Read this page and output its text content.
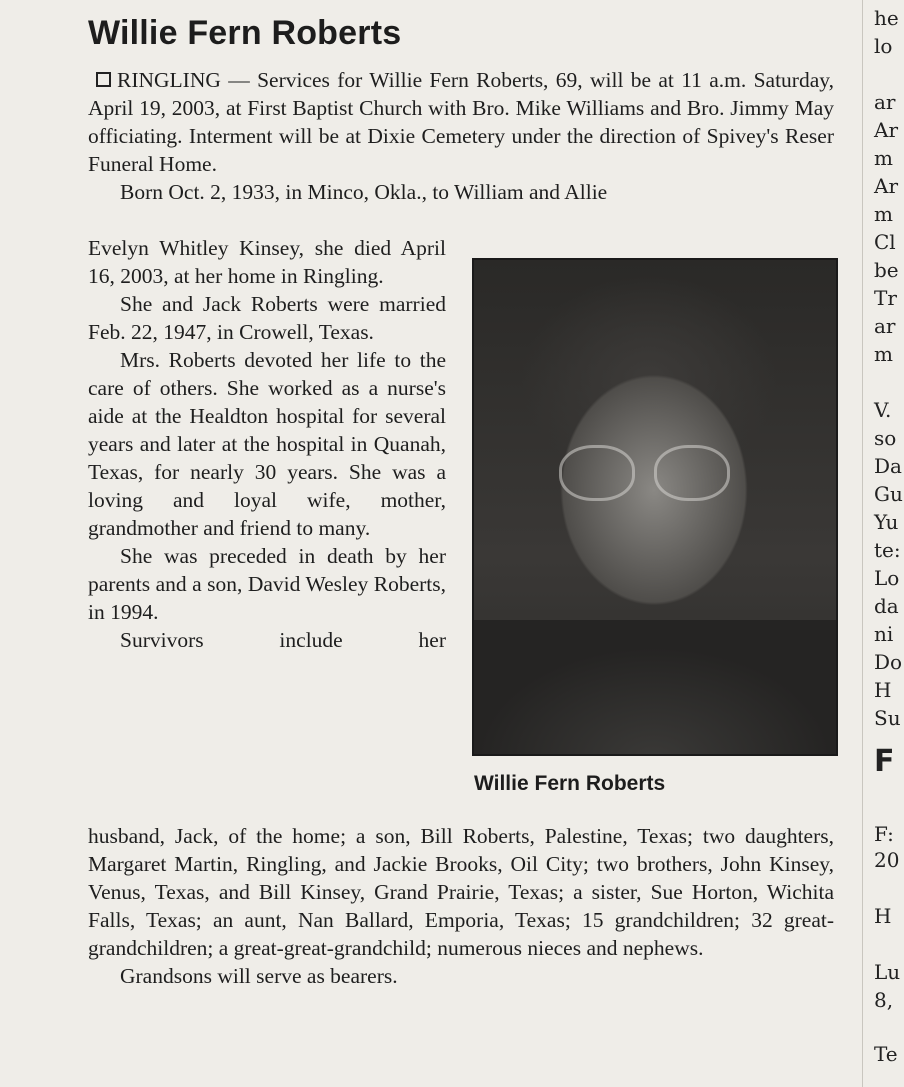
Willie Fern Roberts

RINGLING — Services for Willie Fern Roberts, 69, will be at 11 a.m. Saturday, April 19, 2003, at First Baptist Church with Bro. Mike Williams and Bro. Jimmy May officiating. Interment will be at Dixie Cemetery under the direction of Spivey's Reser Funeral Home.

Born Oct. 2, 1933, in Minco, Okla., to William and Allie

Evelyn Whitley Kinsey, she died April 16, 2003, at her home in Ringling.

She and Jack Roberts were married Feb. 22, 1947, in Crowell, Texas.

Mrs. Roberts devoted her life to the care of others. She worked as a nurse's aide at the Healdton hospital for several years and later at the hospital in Quanah, Texas, for nearly 30 years. She was a loving and loyal wife, mother, grandmother and friend to many.

She was preceded in death by her parents and a son, David Wesley Roberts, in 1994.

Survivors include her

husband, Jack, of the home; a son, Bill Roberts, Palestine, Texas; two daughters, Margaret Martin, Ringling, and Jackie Brooks, Oil City; two brothers, John Kinsey, Venus, Texas, and Bill Kinsey, Grand Prairie, Texas; a sister, Sue Horton, Wichita Falls, Texas; an aunt, Nan Ballard, Emporia, Texas; 15 grandchildren; 32 great-grandchildren; a great-great-grandchild; numerous nieces and nephews.

Grandsons will serve as bearers.

Willie Fern Roberts
he
lo
ar
Ar
m
Ar
m
Cl
be
Tr
ar
m
V.
so
Da
Gu
Yu
te:
Lo
da
ni
Do
H
Su
F
F:
20
H
Lu
8,
Te
